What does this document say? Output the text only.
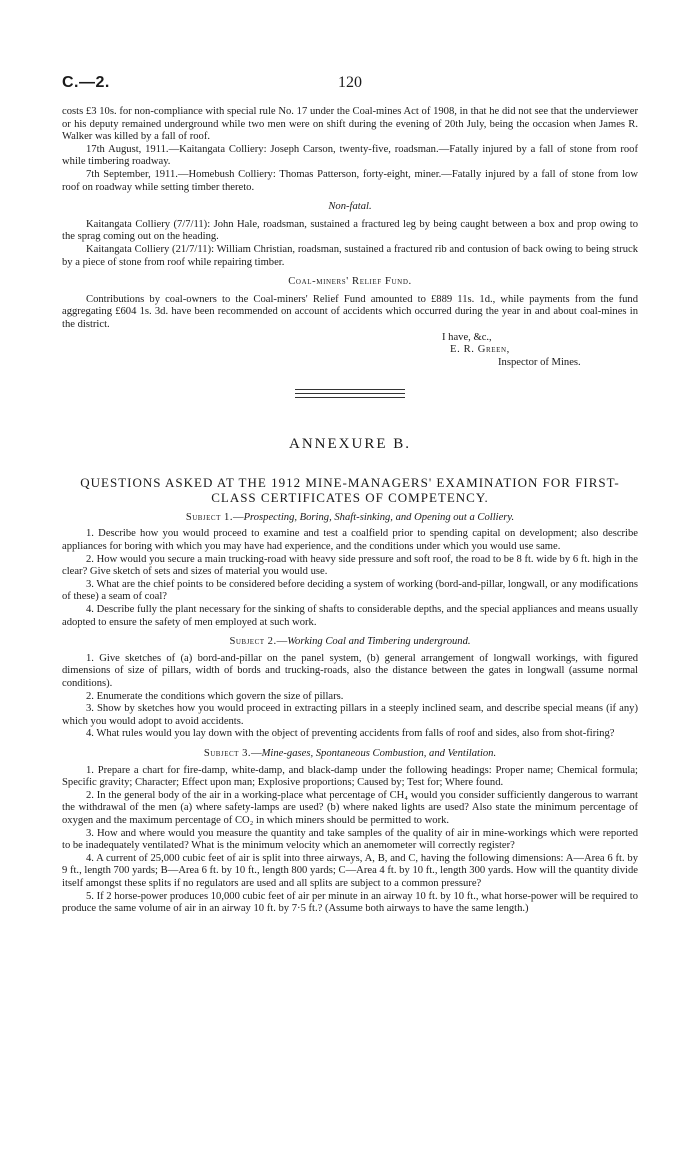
C.—2.	120

costs £3 10s. for non-compliance with special rule No. 17 under the Coal-mines Act of 1908, in that he did not see that the underviewer or his deputy remained underground while two men were on shift during the evening of 20th July, being the occasion when James R. Walker was killed by a fall of roof.

17th August, 1911.—Kaitangata Colliery: Joseph Carson, twenty-five, roadsman.—Fatally injured by a fall of stone from roof while timbering roadway.

7th September, 1911.—Homebush Colliery: Thomas Patterson, forty-eight, miner.—Fatally injured by a fall of stone from low roof on roadway while setting timber thereto.

Non-fatal.

Kaitangata Colliery (7/7/11): John Hale, roadsman, sustained a fractured leg by being caught between a box and prop owing to the sprag coming out on the heading.

Kaitangata Colliery (21/7/11): William Christian, roadsman, sustained a fractured rib and contusion of back owing to being struck by a piece of stone from roof while repairing timber.

Coal-miners' Relief Fund.

Contributions by coal-owners to the Coal-miners' Relief Fund amounted to £889 11s. 1d., while payments from the fund aggregating £604 1s. 3d. have been recommended on account of accidents which occurred during the year in and about coal-mines in the district.

I have, &c.,

E. R. Green,

Inspector of Mines.

ANNEXURE B.

QUESTIONS ASKED AT THE 1912 MINE-MANAGERS' EXAMINATION FOR FIRST-CLASS CERTIFICATES OF COMPETENCY.

Subject 1.—Prospecting, Boring, Shaft-sinking, and Opening out a Colliery.

1. Describe how you would proceed to examine and test a coalfield prior to spending capital on development; also describe appliances for boring with which you may have had experience, and the conditions under which you would use same.

2. How would you secure a main trucking-road with heavy side pressure and soft roof, the road to be 8 ft. wide by 6 ft. high in the clear? Give sketch of sets and sizes of material you would use.

3. What are the chief points to be considered before deciding a system of working (bord-and-pillar, longwall, or any modifications of these) a seam of coal?

4. Describe fully the plant necessary for the sinking of shafts to considerable depths, and the special appliances and means usually adopted to ensure the safety of men employed at such work.

Subject 2.—Working Coal and Timbering underground.

1. Give sketches of (a) bord-and-pillar on the panel system, (b) general arrangement of longwall workings, with figured dimensions of size of pillars, width of bords and trucking-roads, also the distance between the gates in longwall (assume normal conditions).

2. Enumerate the conditions which govern the size of pillars.

3. Show by sketches how you would proceed in extracting pillars in a steeply inclined seam, and describe special means (if any) which you would adopt to avoid accidents.

4. What rules would you lay down with the object of preventing accidents from falls of roof and sides, also from shot-firing?

Subject 3.—Mine-gases, Spontaneous Combustion, and Ventilation.

1. Prepare a chart for fire-damp, white-damp, and black-damp under the following headings: Proper name; Chemical formula; Specific gravity; Character; Effect upon man; Explosive proportions; Caused by; Test for; Where found.

2. In the general body of the air in a working-place what percentage of CH₄ would you consider sufficiently dangerous to warrant the withdrawal of the men (a) where safety-lamps are used? (b) where naked lights are used? Also state the minimum percentage of oxygen and the maximum percentage of CO₂ in which miners should be permitted to work.

3. How and where would you measure the quantity and take samples of the quality of air in mine-workings which were reported to be inadequately ventilated? What is the minimum velocity which an anemometer will correctly register?

4. A current of 25,000 cubic feet of air is split into three airways, A, B, and C, having the following dimensions: A—Area 6 ft. by 9 ft., length 700 yards; B—Area 6 ft. by 10 ft., length 800 yards; C—Area 4 ft. by 10 ft., length 300 yards. How will the quantity divide itself amongst these splits if no regulators are used and all splits are subject to a common pressure?

5. If 2 horse-power produces 10,000 cubic feet of air per minute in an airway 10 ft. by 10 ft., what horse-power will be required to produce the same volume of air in an airway 10 ft. by 7·5 ft.? (Assume both airways to have the same length.)
